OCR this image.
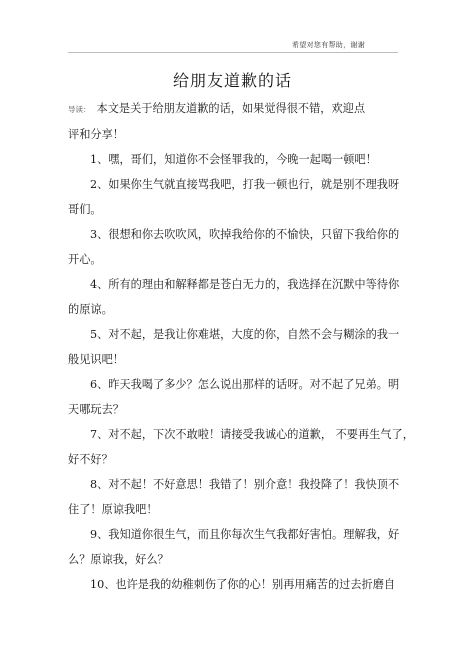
希望对您有帮助，谢谢
给朋友道歉的话
导读： 本文是关于给朋友道歉的话，如果觉得很不错，欢迎点
评和分享！
1、嘿，哥们，知道你不会怪罪我的，今晚一起喝一顿吧！
2、如果你生气就直接骂我吧，打我一顿也行，就是别不理我呀
哥们。
3、很想和你去吹吹风，吹掉我给你的不愉快，只留下我给你的
开心。
4、所有的理由和解释都是苍白无力的，我选择在沉默中等待你
的原谅。
5、对不起，是我让你难堪，大度的你，自然不会与糊涂的我一
般见识吧！
6、昨天我喝了多少？怎么说出那样的话呀。对不起了兄弟。明
天哪玩去？
7、对不起，下次不敢啦！请接受我诚心的道歉， 不要再生气了，
好不好？
8、对不起！不好意思！我错了！别介意！我投降了！我快顶不
住了！原谅我吧！
9、我知道你很生气，而且你每次生气我都好害怕。理解我，好
么？原谅我，好么？
10、也许是我的幼稚刺伤了你的心！别再用痛苦的过去折磨自
